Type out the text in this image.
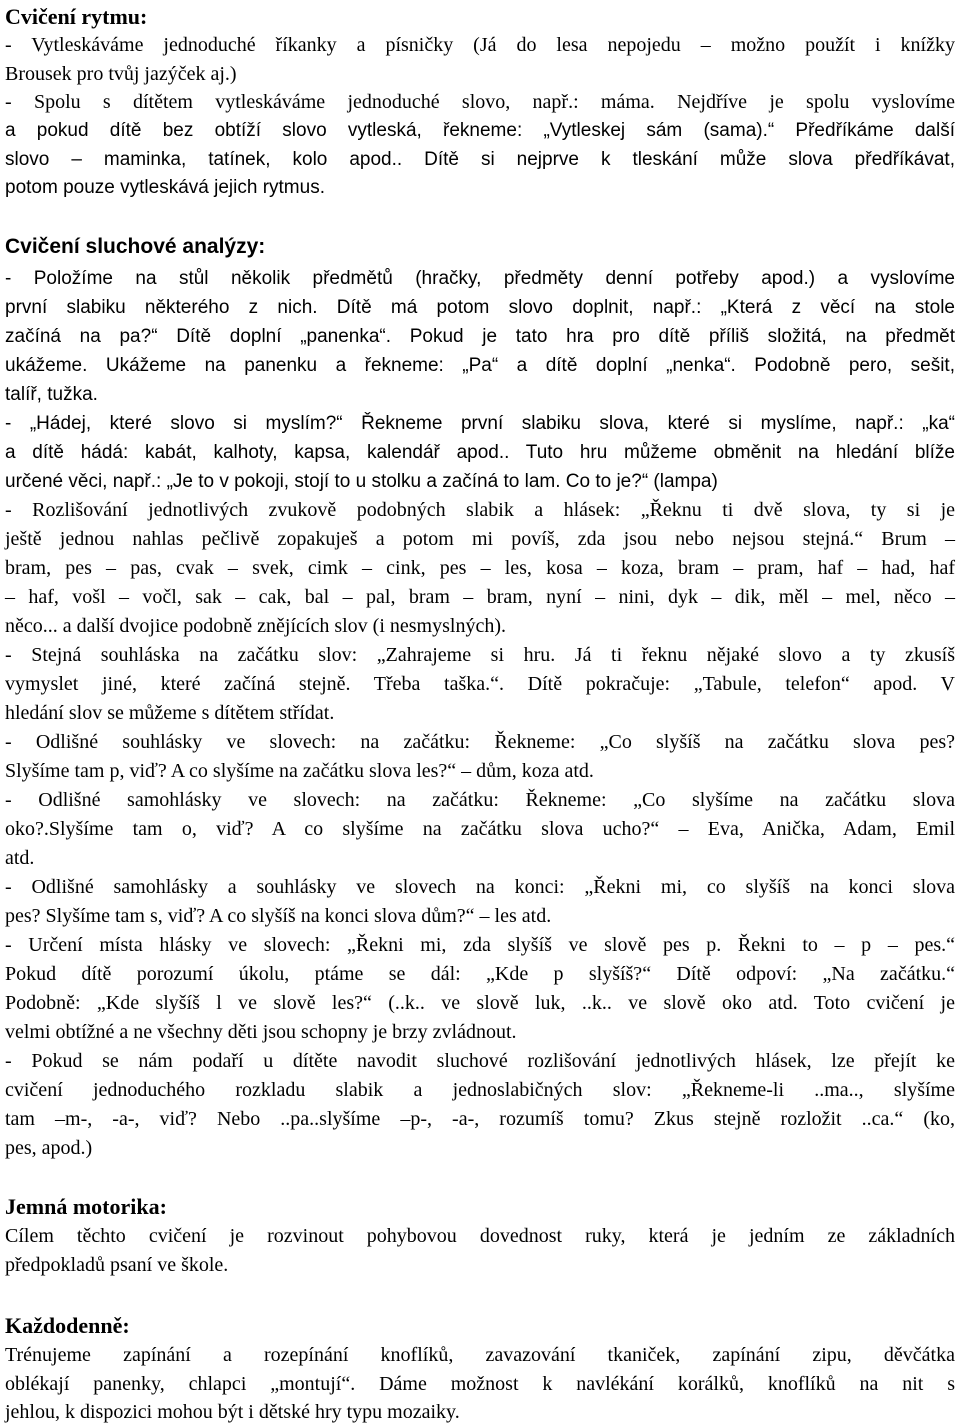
Cvičení rytmu:
- Vytleskáváme jednoduché říkanky a písničky (Já do lesa nepojedu – možno použít i knížky
Brousek pro tvůj jazýček aj.)
- Spolu s dítětem vytleskáváme jednoduché slovo, např.: máma. Nejdříve je spolu vyslovíme
a pokud dítě bez obtíží slovo vytleská, řekneme: „Vytleskej sám (sama).“ Předříkáme další
slovo – maminka, tatínek, kolo apod.. Dítě si nejprve k tleskání může slova předříkávat,
potom pouze vytleskává jejich rytmus.
Cvičení sluchové analýzy:
- Položíme na stůl několik předmětů (hračky, předměty denní potřeby apod.) a vyslovíme
první slabiku některého z nich. Dítě má potom slovo doplnit, např.: „Která z věcí na stole
začíná na pa?“ Dítě doplní „panenka“. Pokud je tato hra pro dítě příliš složitá, na předmět
ukážeme. Ukážeme na panenku a řekneme: „Pa“ a dítě doplní „nenka“. Podobně pero, sešit,
talíř, tužka.
- „Hádej, které slovo si myslím?“ Řekneme první slabiku slova, které si myslíme, např.: „ka“
a dítě hádá: kabát, kalhoty, kapsa, kalendář apod.. Tuto hru můžeme obměnit na hledání blíže
určené věci, např.: „Je to v pokoji, stojí to u stolku a začíná to lam. Co to je?“ (lampa)
- Rozlišování jednotlivých zvukově podobných slabik a hlásek: „Řeknu ti dvě slova, ty si je
ještě jednou nahlas pečlivě zopakuješ a potom mi povíš, zda jsou nebo nejsou stejná.“ Brum –
bram, pes – pas, cvak – svek, cimk – cink, pes – les, kosa – koza, bram – pram, haf – had, haf
– haf, vošl – vočl, sak – cak, bal – pal, bram – bram, nyní – nini, dyk – dik, měl – mel, něco –
něco... a další dvojice podobně znějících slov (i nesmyslných).
- Stejná souhláska na začátku slov: „Zahrajeme si hru. Já ti řeknu nějaké slovo a ty zkusíš
vymyslet jiné, které začíná stejně. Třeba taška.“. Dítě pokračuje: „Tabule, telefon“ apod. V
hledání slov se můžeme s dítětem střídat.
- Odlišné souhlásky ve slovech: na začátku: Řekneme: „Co slyšíš na začátku slova pes?
Slyšíme tam p, viď? A co slyšíme na začátku slova les?“ – dům, koza atd.
- Odlišné samohlásky ve slovech: na začátku: Řekneme: „Co slyšíme na začátku slova
oko?.Slyšíme tam o, viď? A co slyšíme na začátku slova ucho?“ – Eva, Anička, Adam, Emil
atd.
- Odlišné samohlásky a souhlásky ve slovech na konci: „Řekni mi, co slyšíš na konci slova
pes? Slyšíme tam s, viď? A co slyšíš na konci slova dům?“ – les atd.
- Určení místa hlásky ve slovech: „Řekni mi, zda slyšíš ve slově pes p. Řekni to – p – pes.“
Pokud dítě porozumí úkolu, ptáme se dál: „Kde p slyšíš?“ Dítě odpoví: „Na začátku.“
Podobně: „Kde slyšíš l ve slově les?“ (..k.. ve slově luk, ..k.. ve slově oko atd. Toto cvičení je
velmi obtížné a ne všechny děti jsou schopny je brzy zvládnout.
- Pokud se nám podaří u dítěte navodit sluchové rozlišování jednotlivých hlásek, lze přejít ke
cvičení jednoduchého rozkladu slabik a jednoslabičných slov: „Řekneme-li ..ma.., slyšíme
tam –m-, -a-, viď? Nebo ..pa..slyšíme –p-, -a-, rozumíš tomu? Zkus stejně rozložit ..ca.“ (ko,
pes, apod.)
Jemná motorika:
Cílem těchto cvičení je rozvinout pohybovou dovednost ruky, která je jedním ze základních
předpokladů psaní ve škole.
Každodenně:
Trénujeme zapínání a rozepínání knoflíků, zavazování tkaniček, zapínání zipu, děvčátka
oblékají panenky, chlapci „montují“. Dáme možnost k navlékání korálků, knoflíků na nit s
jehlou, k dispozici mohou být i dětské hry typu mozaiky.
